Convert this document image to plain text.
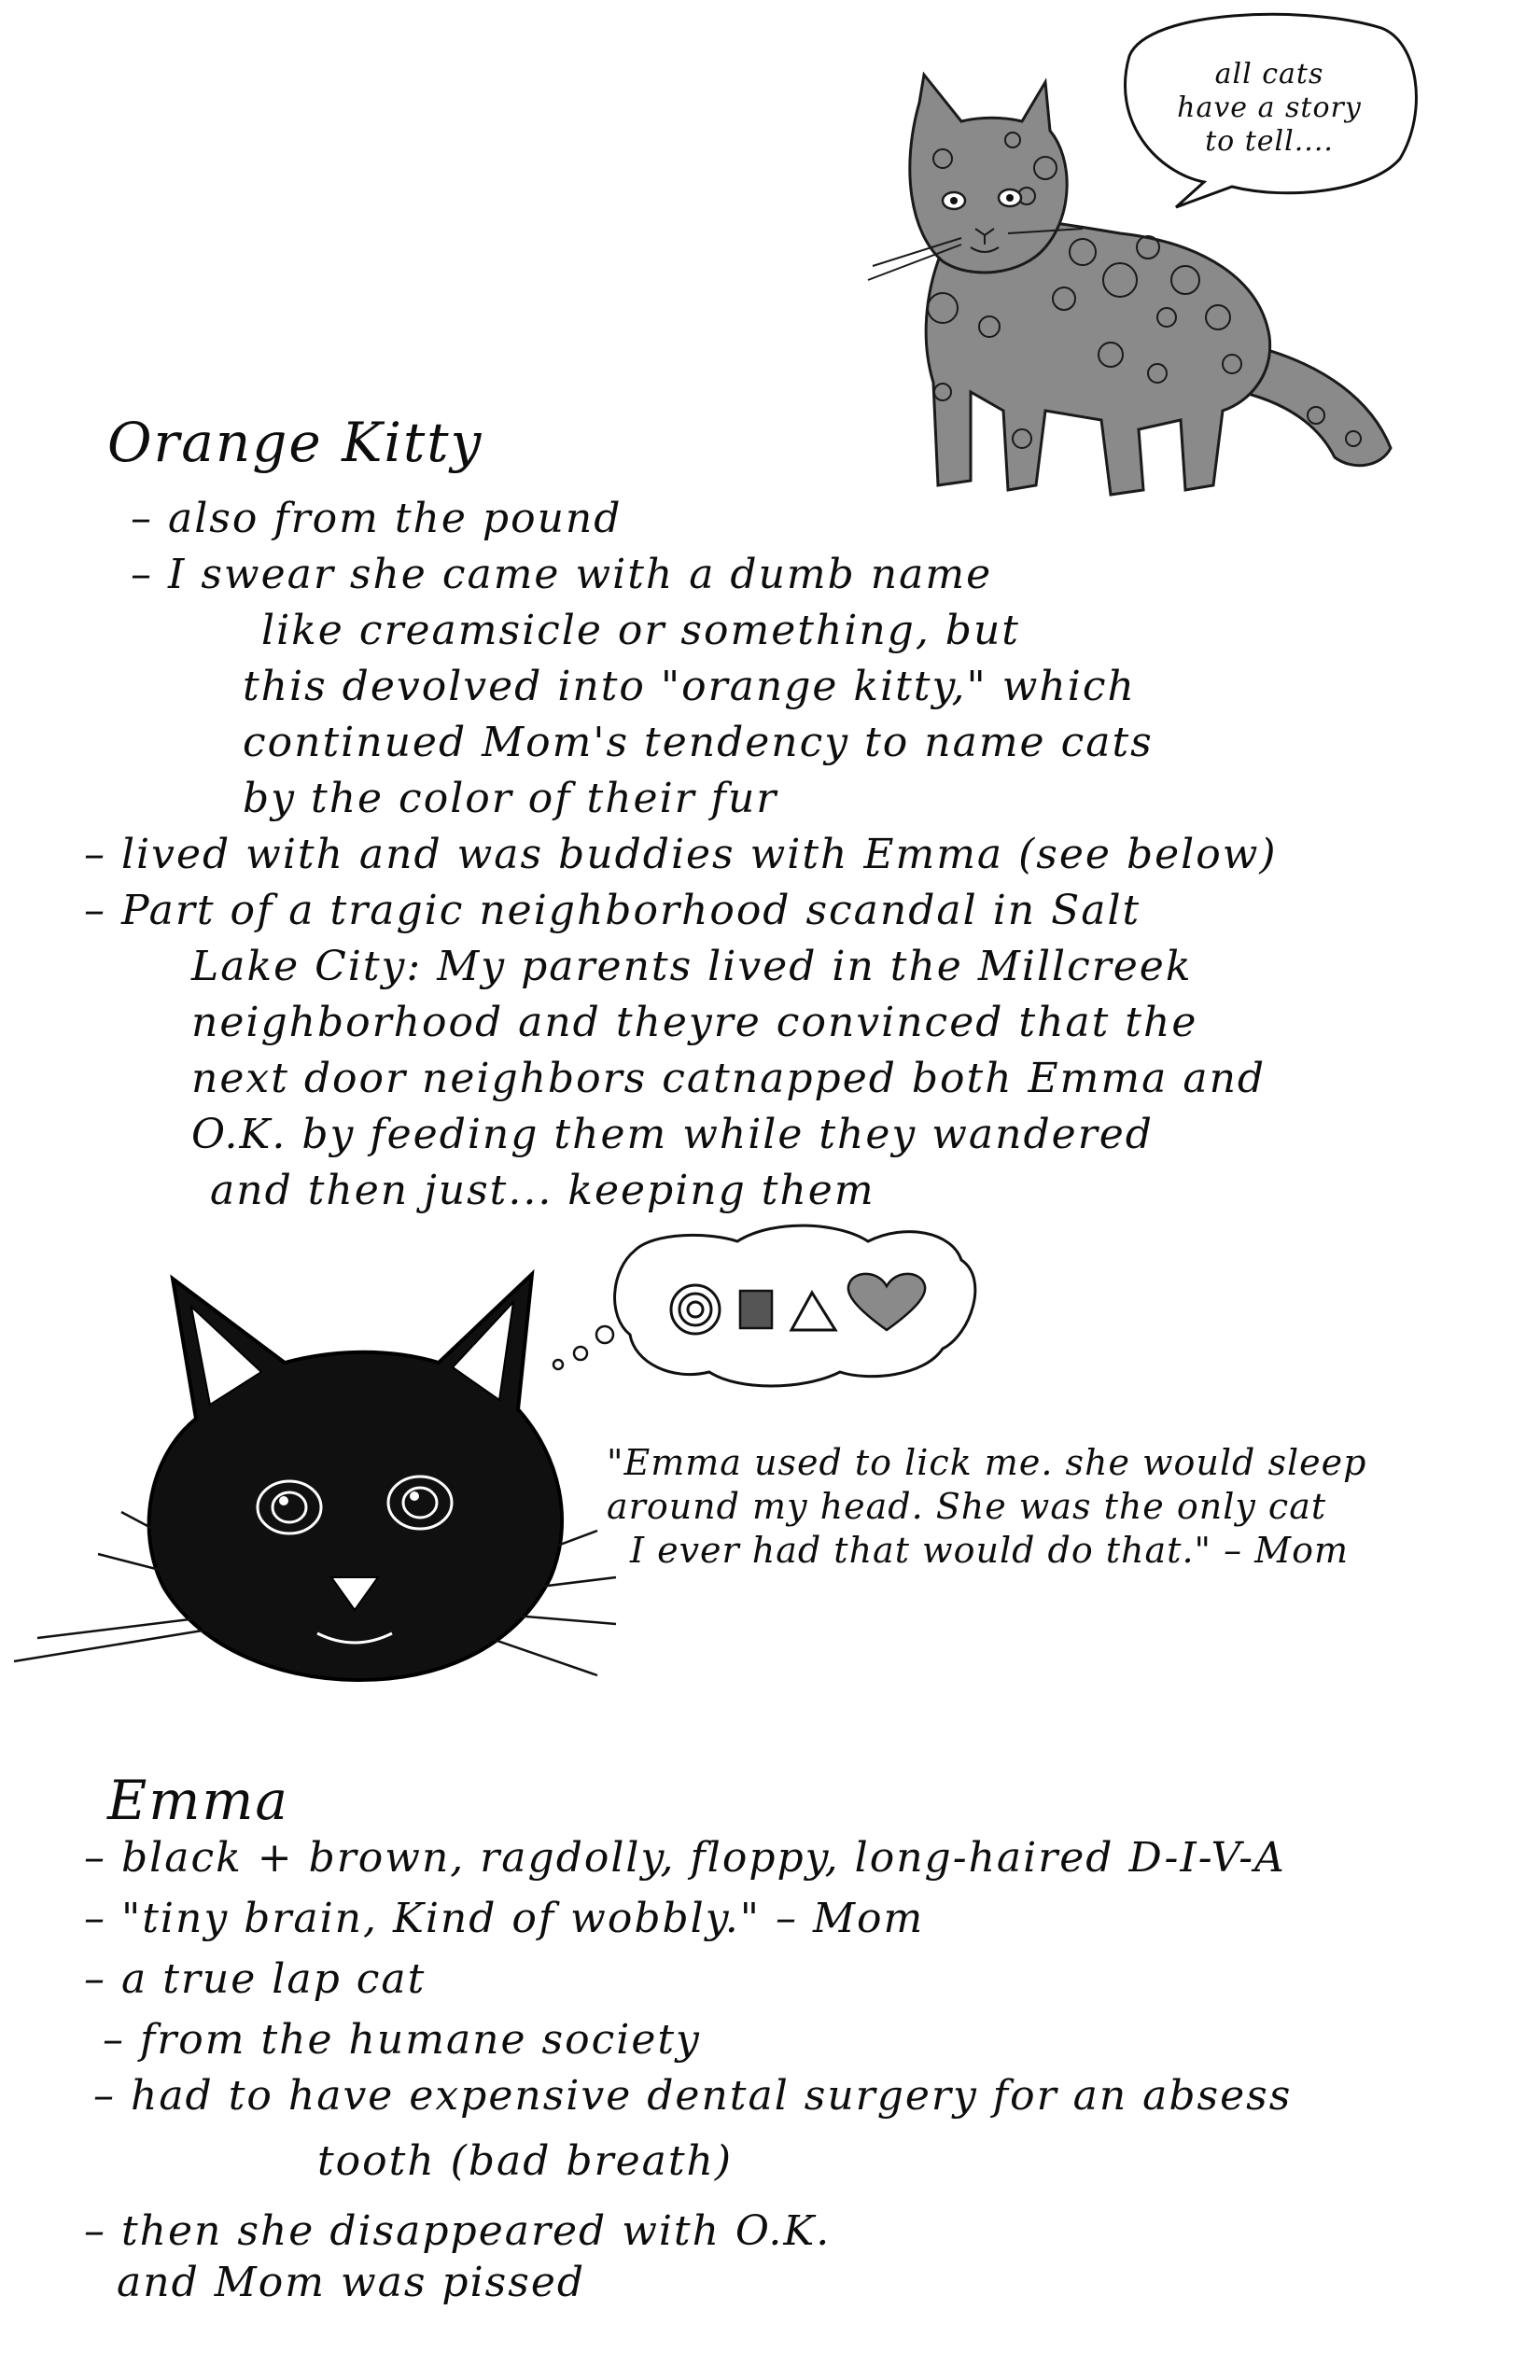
all cats
have a story
to tell....
Orange Kitty
– also from the pound
– I swear she came with a dumb name
like creamsicle or something, but
this devolved into "orange kitty," which
continued Mom's tendency to name cats
by the color of their fur
– lived with and was buddies with Emma (see below)
– Part of a tragic neighborhood scandal in Salt
Lake City: My parents lived in the Millcreek
neighborhood and theyre convinced that the
next door neighbors catnapped both Emma and
O.K. by feeding them while they wandered
and then just... keeping them
"Emma used to lick me. she would sleep
around my head. She was the only cat
I ever had that would do that." – Mom
Emma
– black + brown, ragdolly, floppy, long-haired D-I-V-A
– "tiny brain, Kind of wobbly." – Mom
– a true lap cat
– from the humane society
– had to have expensive dental surgery for an absess
tooth (bad breath)
– then she disappeared with O.K.
and Mom was pissed
